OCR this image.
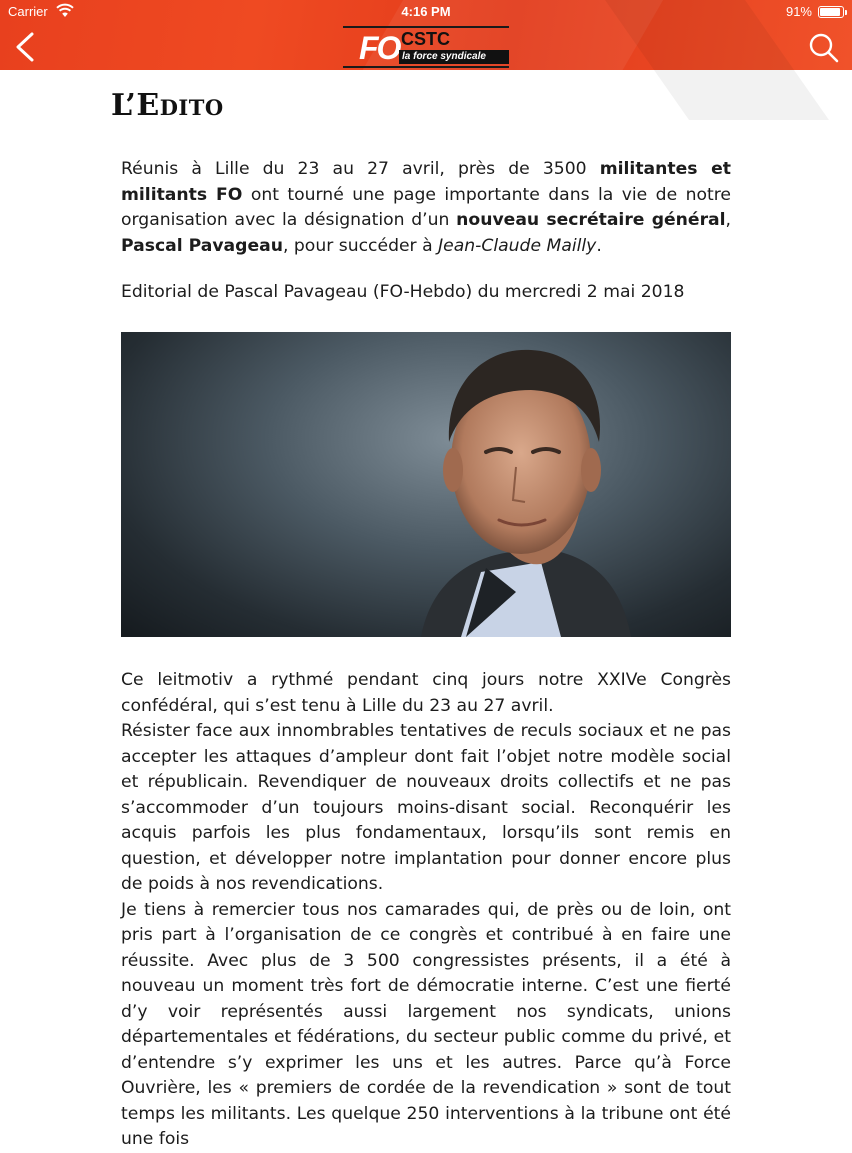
Carrier	4:16 PM	91%
FO CSTC
la force syndicale
L’Edito
Réunis à Lille du 23 au 27 avril, près de 3500 militantes et militants FO ont tourné une page importante dans la vie de notre organisation avec la désignation d’un nouveau secrétaire général, Pascal Pavageau, pour succéder à Jean-Claude Mailly.
Editorial de Pascal Pavageau (FO-Hebdo) du mercredi 2 mai 2018

Ce leitmotiv a rythmé pendant cinq jours notre XXIVe Congrès confédéral, qui s’est tenu à Lille du 23 au 27 avril.

Résister face aux innombrables tentatives de reculs sociaux et ne pas accepter les attaques d’ampleur dont fait l’objet notre modèle social et républicain. Revendiquer de nouveaux droits collectifs et ne pas s’accommoder d’un toujours moins-disant social. Reconquérir les acquis parfois les plus fondamentaux, lorsqu’ils sont remis en question, et développer notre implantation pour donner encore plus de poids à nos revendications.

Je tiens à remercier tous nos camarades qui, de près ou de loin, ont pris part à l’organisation de ce congrès et contribué à en faire une réussite. Avec plus de 3 500 congressistes présents, il a été à nouveau un moment très fort de démocratie interne. C’est une fierté d’y voir représentés aussi largement nos syndicats, unions départementales et fédérations, du secteur public comme du privé, et d’entendre s’y exprimer les uns et les autres. Parce qu’à Force Ouvrière, les « premiers de cordée de la revendication » sont de tout temps les militants. Les quelque 250 interventions à la tribune ont été une fois
